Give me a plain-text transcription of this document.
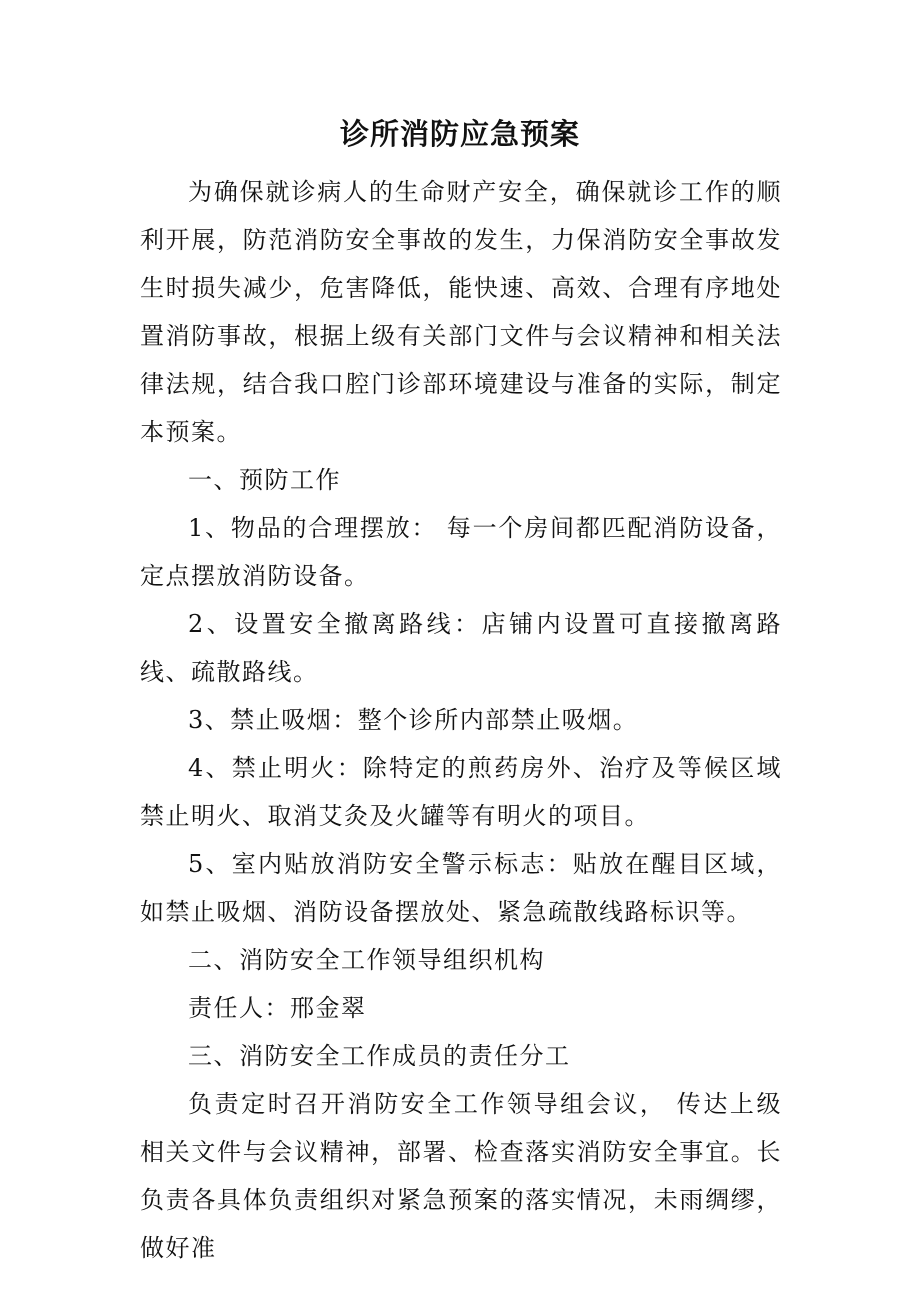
诊所消防应急预案

为确保就诊病人的生命财产安全，确保就诊工作的顺利开展，防范消防安全事故的发生，力保消防安全事故发生时损失减少，危害降低，能快速、高效、合理有序地处置消防事故，根据上级有关部门文件与会议精神和相关法律法规，结合我口腔门诊部环境建设与准备的实际，制定本预案。

一、预防工作

1、物品的合理摆放： 每一个房间都匹配消防设备，定点摆放消防设备。

2、设置安全撤离路线：店铺内设置可直接撤离路线、疏散路线。

3、禁止吸烟：整个诊所内部禁止吸烟。

4、禁止明火：除特定的煎药房外、治疗及等候区域禁止明火、取消艾灸及火罐等有明火的项目。

5、室内贴放消防安全警示标志：贴放在醒目区域，如禁止吸烟、消防设备摆放处、紧急疏散线路标识等。

二、消防安全工作领导组织机构

责任人：邢金翠

三、消防安全工作成员的责任分工

负责定时召开消防安全工作领导组会议， 传达上级相关文件与会议精神，部署、检查落实消防安全事宜。长负责各具体负责组织对紧急预案的落实情况，未雨绸缪，做好准
